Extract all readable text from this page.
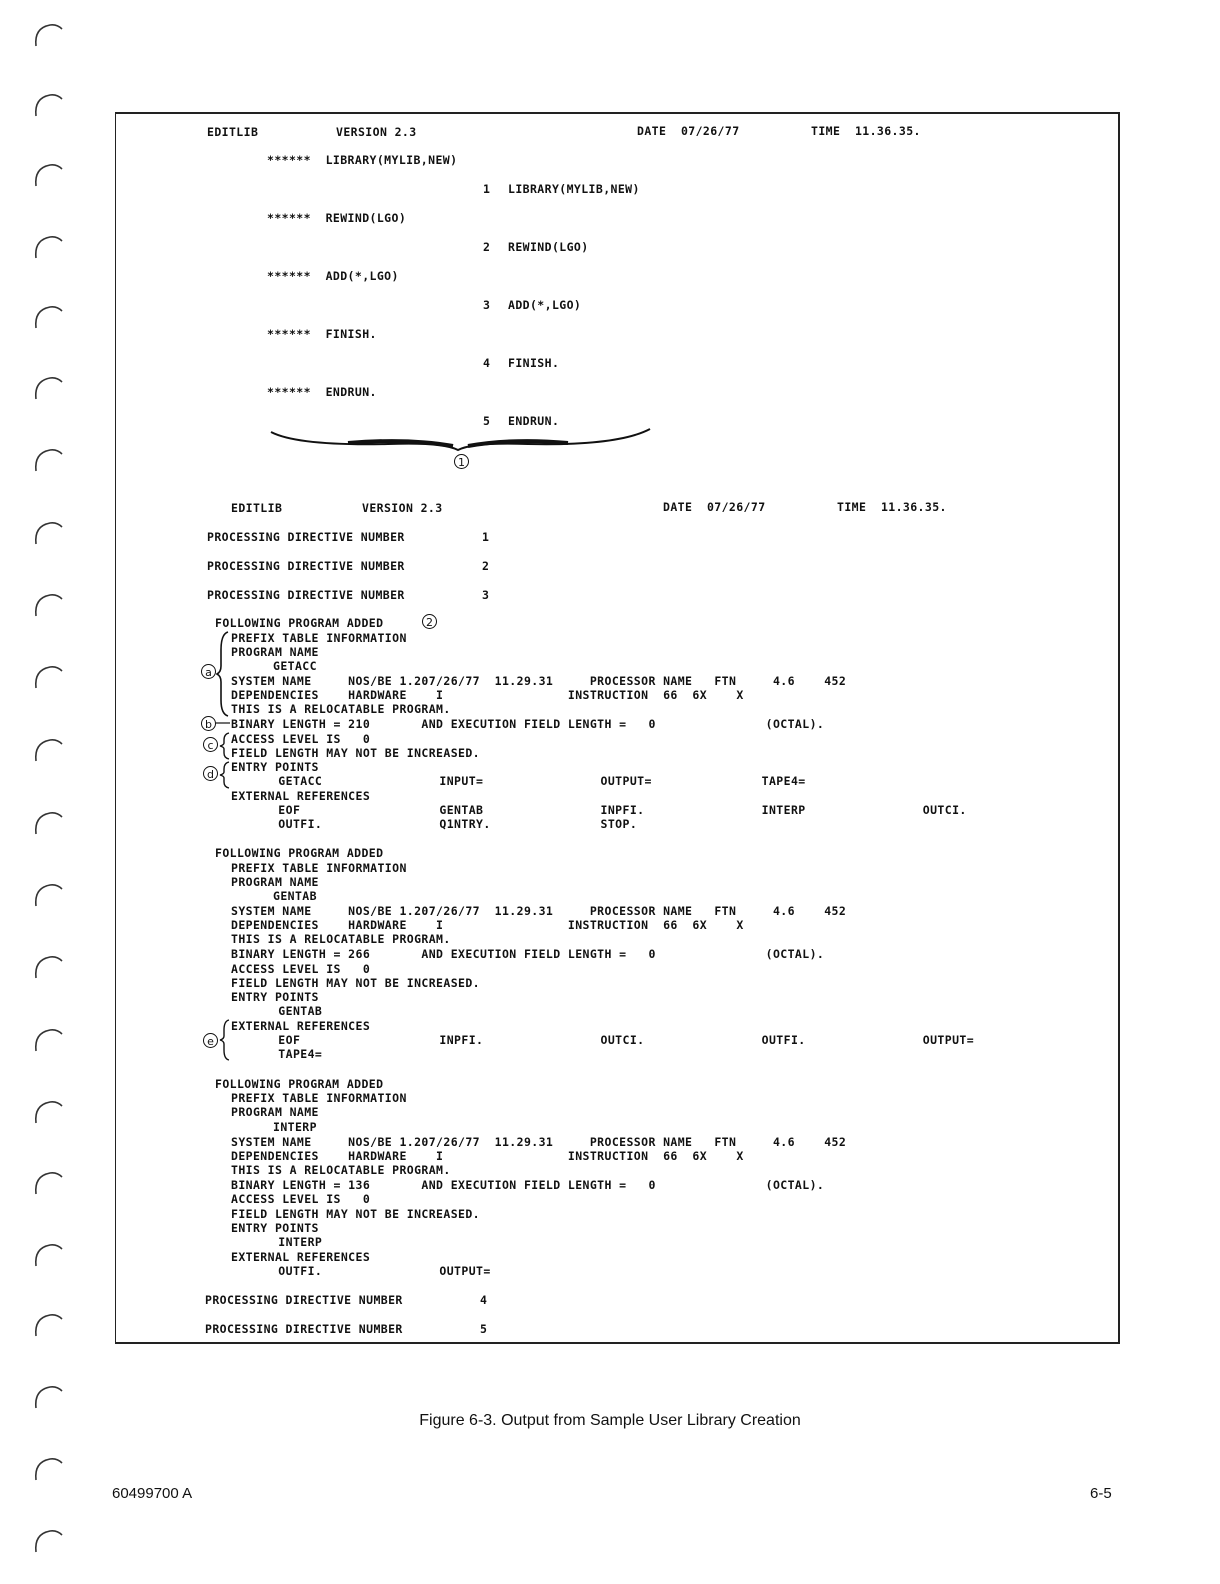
EDITLIB	VERSION 2.3	DATE  07/26/77	TIME  11.36.35.
******  LIBRARY(MYLIB,NEW)
1 LIBRARY(MYLIB,NEW)
******  REWIND(LGO)
2 REWIND(LGO)
******  ADD(*,LGO)
3 ADD(*,LGO)
******  FINISH.
4 FINISH.
******  ENDRUN.
5 ENDRUN.
1
EDITLIB	VERSION 2.3	DATE  07/26/77	TIME  11.36.35.
PROCESSING DIRECTIVE NUMBER	1
PROCESSING DIRECTIVE NUMBER	2
PROCESSING DIRECTIVE NUMBER	3
FOLLOWING PROGRAM ADDED	2
PREFIX TABLE INFORMATION
PROGRAM NAME
GETACC
SYSTEM NAME     NOS/BE 1.207/26/77  11.29.31     PROCESSOR NAME   FTN     4.6    452
DEPENDENCIES    HARDWARE    I                 INSTRUCTION  66  6X    X
THIS IS A RELOCATABLE PROGRAM.
BINARY LENGTH = 210       AND EXECUTION FIELD LENGTH =   0               (OCTAL).
ACCESS LEVEL IS   0
FIELD LENGTH MAY NOT BE INCREASED.
ENTRY POINTS
GETACC                INPUT=                OUTPUT=               TAPE4=
EXTERNAL REFERENCES
EOF                   GENTAB                INPFI.                INTERP                OUTCI.
OUTFI.                Q1NTRY.               STOP.
a
b
c
d
FOLLOWING PROGRAM ADDED
PREFIX TABLE INFORMATION
PROGRAM NAME
GENTAB
SYSTEM NAME     NOS/BE 1.207/26/77  11.29.31     PROCESSOR NAME   FTN     4.6    452
DEPENDENCIES    HARDWARE    I                 INSTRUCTION  66  6X    X
THIS IS A RELOCATABLE PROGRAM.
BINARY LENGTH = 266       AND EXECUTION FIELD LENGTH =   0               (OCTAL).
ACCESS LEVEL IS   0
FIELD LENGTH MAY NOT BE INCREASED.
ENTRY POINTS
GENTAB
EXTERNAL REFERENCES
EOF                   INPFI.                OUTCI.                OUTFI.                OUTPUT=
TAPE4=
e
FOLLOWING PROGRAM ADDED
PREFIX TABLE INFORMATION
PROGRAM NAME
INTERP
SYSTEM NAME     NOS/BE 1.207/26/77  11.29.31     PROCESSOR NAME   FTN     4.6    452
DEPENDENCIES    HARDWARE    I                 INSTRUCTION  66  6X    X
THIS IS A RELOCATABLE PROGRAM.
BINARY LENGTH = 136       AND EXECUTION FIELD LENGTH =   0               (OCTAL).
ACCESS LEVEL IS   0
FIELD LENGTH MAY NOT BE INCREASED.
ENTRY POINTS
INTERP
EXTERNAL REFERENCES
OUTFI.                OUTPUT=
PROCESSING DIRECTIVE NUMBER	4
PROCESSING DIRECTIVE NUMBER	5
Figure 6-3. Output from Sample User Library Creation
60499700 A	6-5
